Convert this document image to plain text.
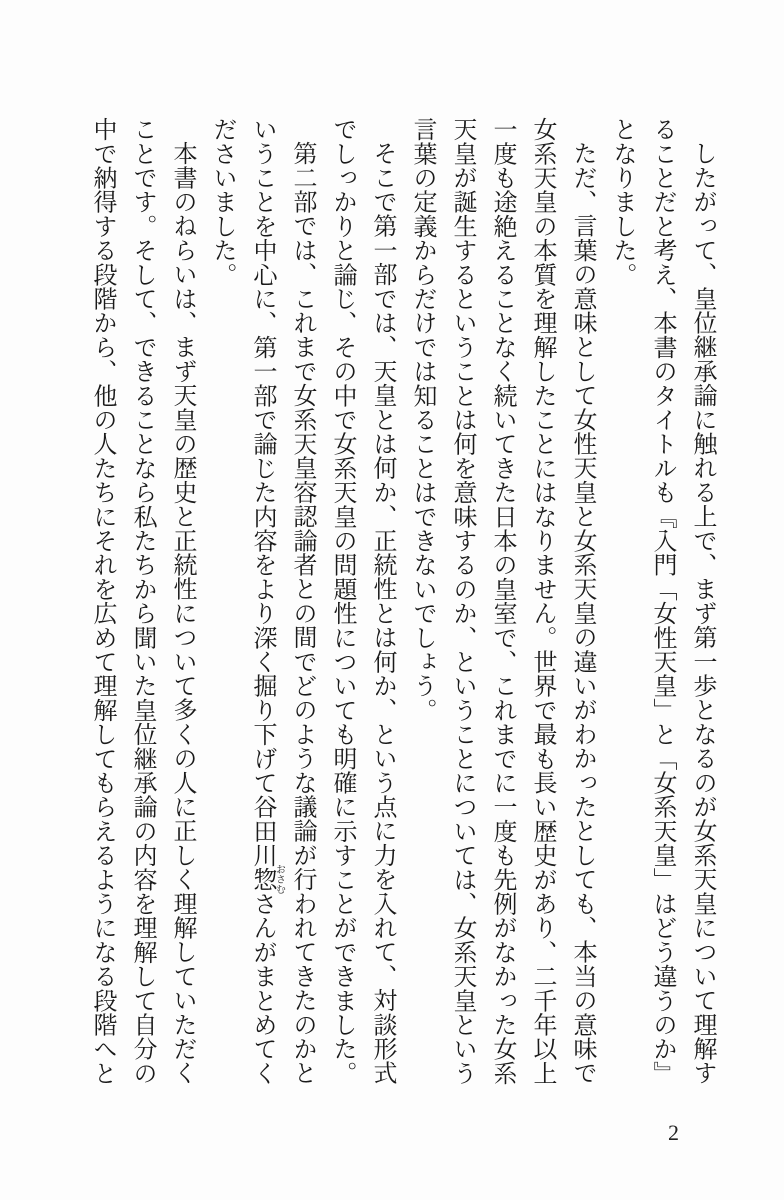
したがって、皇位継承論に触れる上で、まず第一歩となるのが女系天皇について理解することだと考え、本書のタイトルも『入門「女性天皇」と「女系天皇」はどう違うのか』となりました。

ただ、言葉の意味として女性天皇と女系天皇の違いがわかったとしても、本当の意味で女系天皇の本質を理解したことにはなりません。世界で最も長い歴史があり、二千年以上一度も途絶えることなく続いてきた日本の皇室で、これまでに一度も先例がなかった女系天皇が誕生するということは何を意味するのか、ということについては、女系天皇という言葉の定義からだけでは知ることはできないでしょう。

そこで第一部では、天皇とは何か、正統性とは何か、という点に力を入れて、対談形式でしっかりと論じ、その中で女系天皇の問題性についても明確に示すことができました。

第二部では、これまで女系天皇容認論者との間でどのような議論が行われてきたのかということを中心に、第一部で論じた内容をより深く掘り下げて谷田川惣おさむさんがまとめてくださいました。

本書のねらいは、まず天皇の歴史と正統性について多くの人に正しく理解していただくことです。そして、できることなら私たちから聞いた皇位継承論の内容を理解して自分の中で納得する段階から、他の人たちにそれを広めて理解してもらえるようになる段階へと

2
